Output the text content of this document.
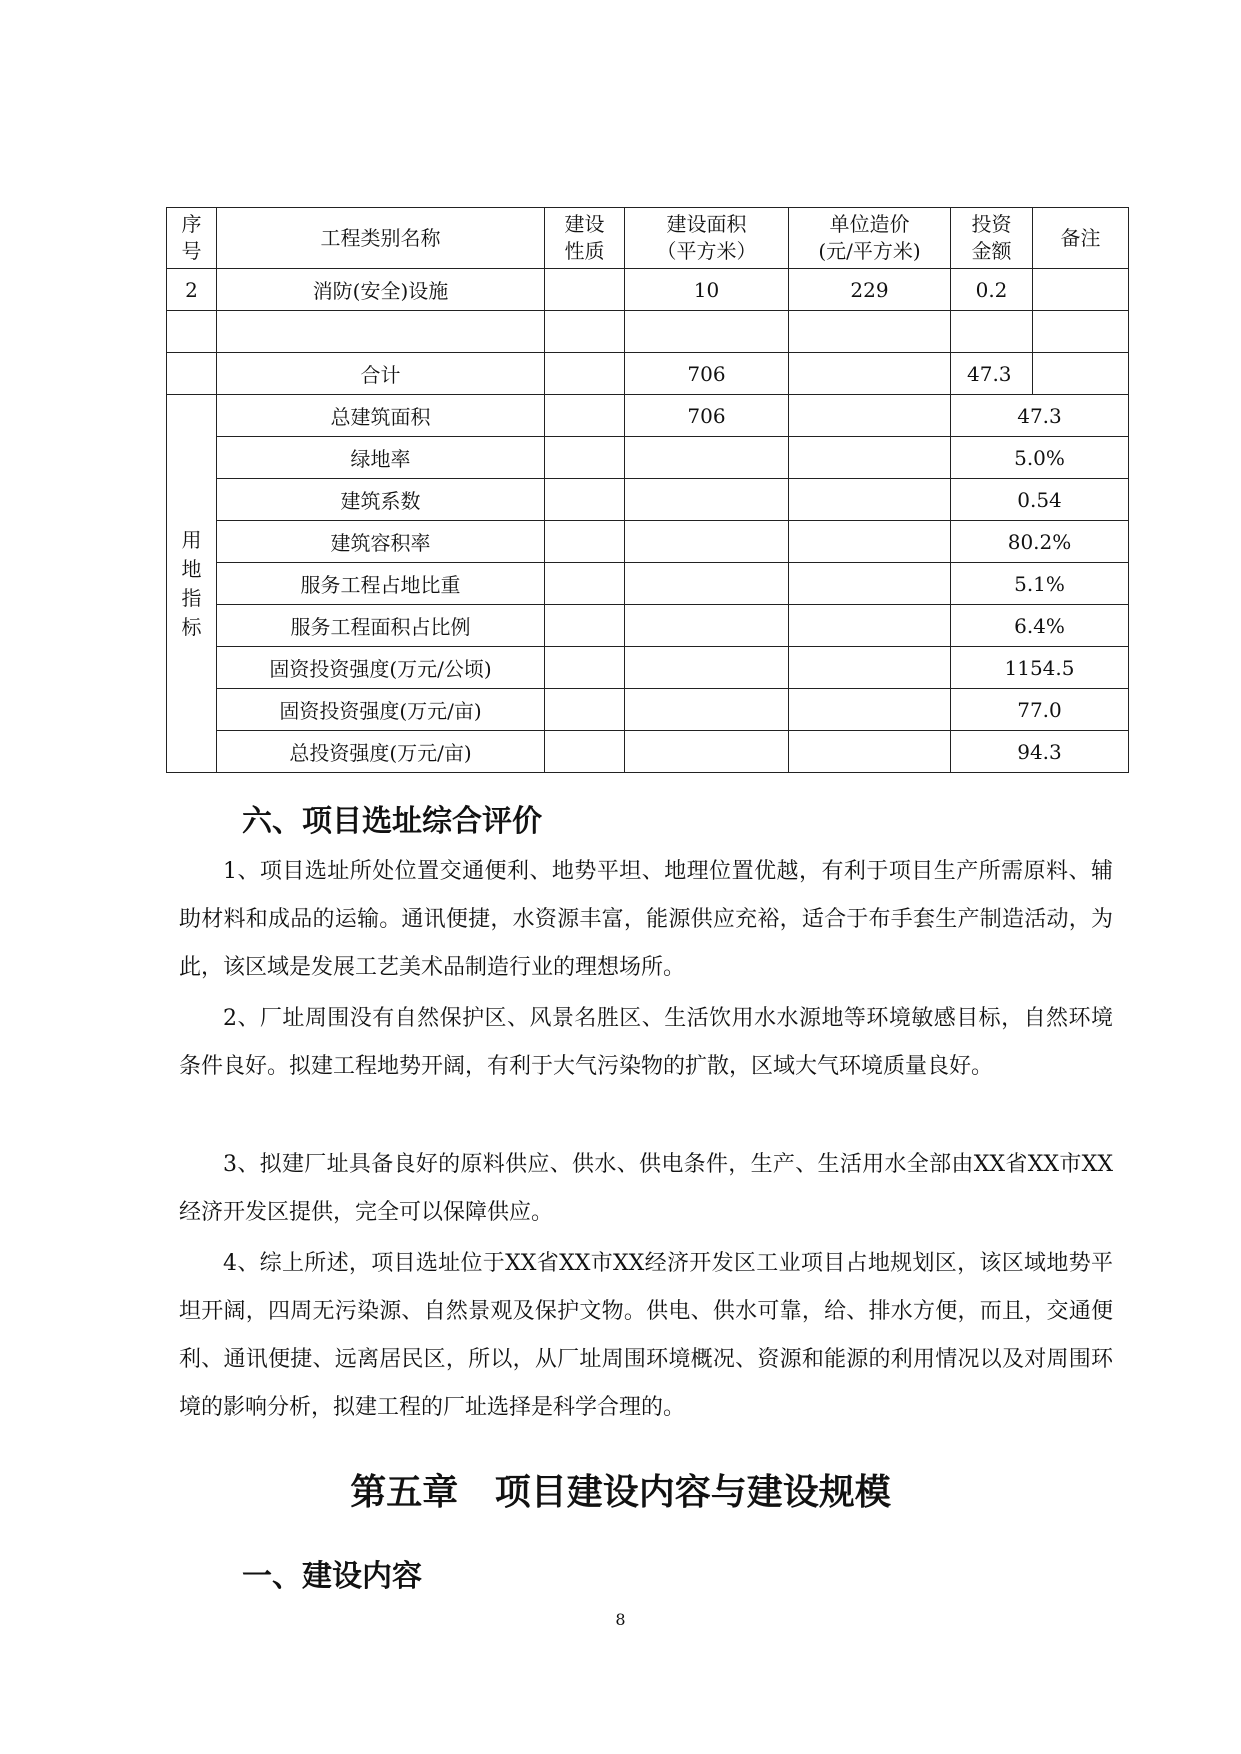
序号	工程类别名称	建设性质	建设面积（平方米）	单位造价(元/平方米)	投资金额	备注
2	消防(安全)设施		10	229	0.2	

	合计		706		47.3	
用地指标	总建筑面积		706		47.3	
	绿地率				5.0%	
	建筑系数				0.54	
	建筑容积率				80.2%	
	服务工程占地比重				5.1%	
	服务工程面积占比例				6.4%	
	固资投资强度(万元/公顷)				1154.5	
	固资投资强度(万元/亩)				77.0	
	总投资强度(万元/亩)				94.3	
六、项目选址综合评价

1、项目选址所处位置交通便利、地势平坦、地理位置优越，有利于项目生产所需原料、辅助材料和成品的运输。通讯便捷，水资源丰富，能源供应充裕，适合于布手套生产制造活动，为此，该区域是发展工艺美术品制造行业的理想场所。

2、厂址周围没有自然保护区、风景名胜区、生活饮用水水源地等环境敏感目标，自然环境条件良好。拟建工程地势开阔，有利于大气污染物的扩散，区域大气环境质量良好。

3、拟建厂址具备良好的原料供应、供水、供电条件，生产、生活用水全部由XX省XX市XX经济开发区提供，完全可以保障供应。

4、综上所述，项目选址位于XX省XX市XX经济开发区工业项目占地规划区，该区域地势平坦开阔，四周无污染源、自然景观及保护文物。供电、供水可靠，给、排水方便，而且，交通便利、通讯便捷、远离居民区，所以，从厂址周围环境概况、资源和能源的利用情况以及对周围环境的影响分析，拟建工程的厂址选择是科学合理的。

第五章 项目建设内容与建设规模
一、建设内容
8
